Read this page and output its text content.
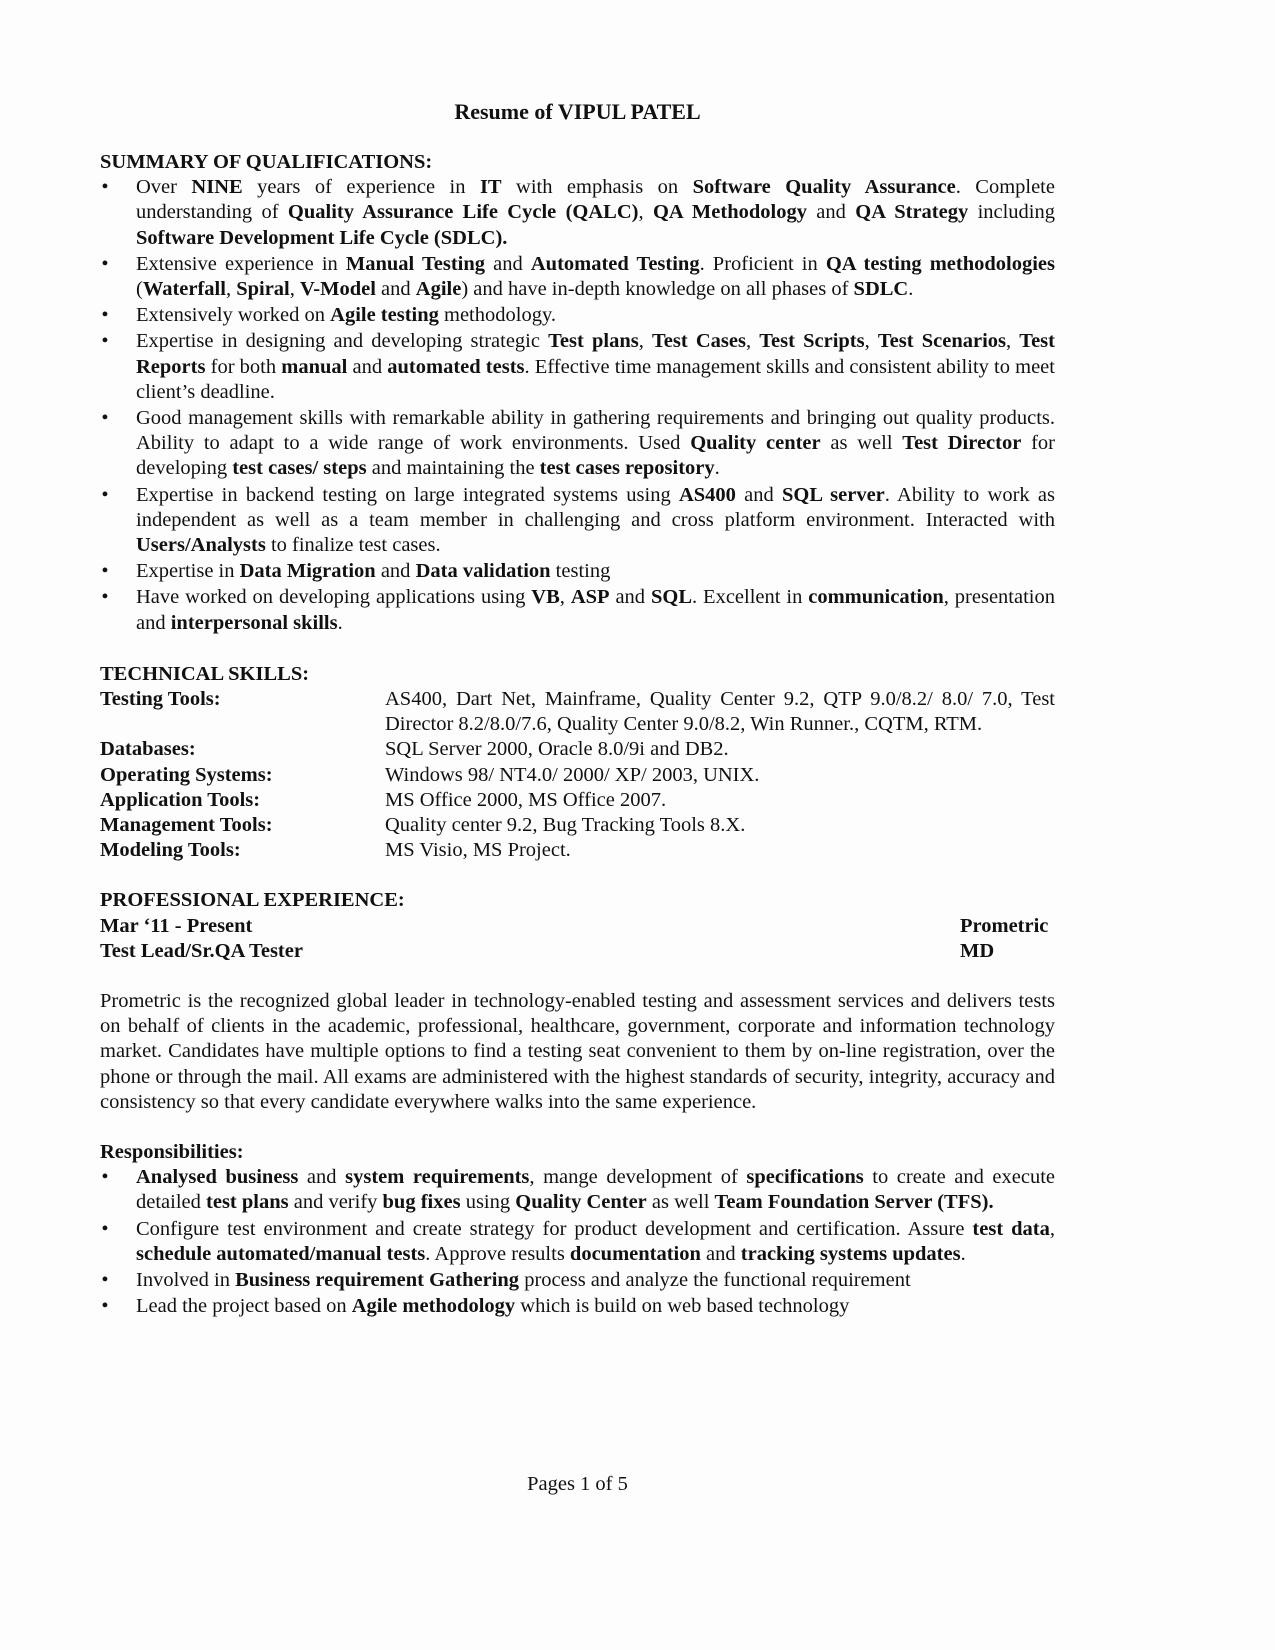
Resume of VIPUL PATEL
SUMMARY OF QUALIFICATIONS:
• Over NINE years of experience in IT with emphasis on Software Quality Assurance. Complete understanding of Quality Assurance Life Cycle (QALC), QA Methodology and QA Strategy including Software Development Life Cycle (SDLC).
• Extensive experience in Manual Testing and Automated Testing. Proficient in QA testing methodologies (Waterfall, Spiral, V-Model and Agile) and have in-depth knowledge on all phases of SDLC.
• Extensively worked on Agile testing methodology.
• Expertise in designing and developing strategic Test plans, Test Cases, Test Scripts, Test Scenarios, Test Reports for both manual and automated tests. Effective time management skills and consistent ability to meet client’s deadline.
• Good management skills with remarkable ability in gathering requirements and bringing out quality products. Ability to adapt to a wide range of work environments. Used Quality center as well Test Director for developing test cases/ steps and maintaining the test cases repository.
• Expertise in backend testing on large integrated systems using AS400 and SQL server. Ability to work as independent as well as a team member in challenging and cross platform environment. Interacted with Users/Analysts to finalize test cases.
• Expertise in Data Migration and Data validation testing
• Have worked on developing applications using VB, ASP and SQL. Excellent in communication, presentation and interpersonal skills.
TECHNICAL SKILLS:
Testing Tools:	AS400, Dart Net, Mainframe, Quality Center 9.2, QTP 9.0/8.2/ 8.0/ 7.0, Test Director 8.2/8.0/7.6, Quality Center 9.0/8.2, Win Runner., CQTM, RTM.
Databases:	SQL Server 2000, Oracle 8.0/9i and DB2.
Operating Systems:	Windows 98/ NT4.0/ 2000/ XP/ 2003, UNIX.
Application Tools:	MS Office 2000, MS Office 2007.
Management Tools:	Quality center 9.2, Bug Tracking Tools 8.X.
Modeling Tools:	MS Visio, MS Project.
PROFESSIONAL EXPERIENCE:
Mar ‘11 - Present	Prometric
Test Lead/Sr.QA Tester	MD
Prometric is the recognized global leader in technology-enabled testing and assessment services and delivers tests on behalf of clients in the academic, professional, healthcare, government, corporate and information technology market. Candidates have multiple options to find a testing seat convenient to them by on-line registration, over the phone or through the mail. All exams are administered with the highest standards of security, integrity, accuracy and consistency so that every candidate everywhere walks into the same experience.
Responsibilities:
• Analysed business and system requirements, mange development of specifications to create and execute detailed test plans and verify bug fixes using Quality Center as well Team Foundation Server (TFS).
• Configure test environment and create strategy for product development and certification. Assure test data, schedule automated/manual tests. Approve results documentation and tracking systems updates.
• Involved in Business requirement Gathering process and analyze the functional requirement
• Lead the project based on Agile methodology which is build on web based technology
Pages 1 of 5
